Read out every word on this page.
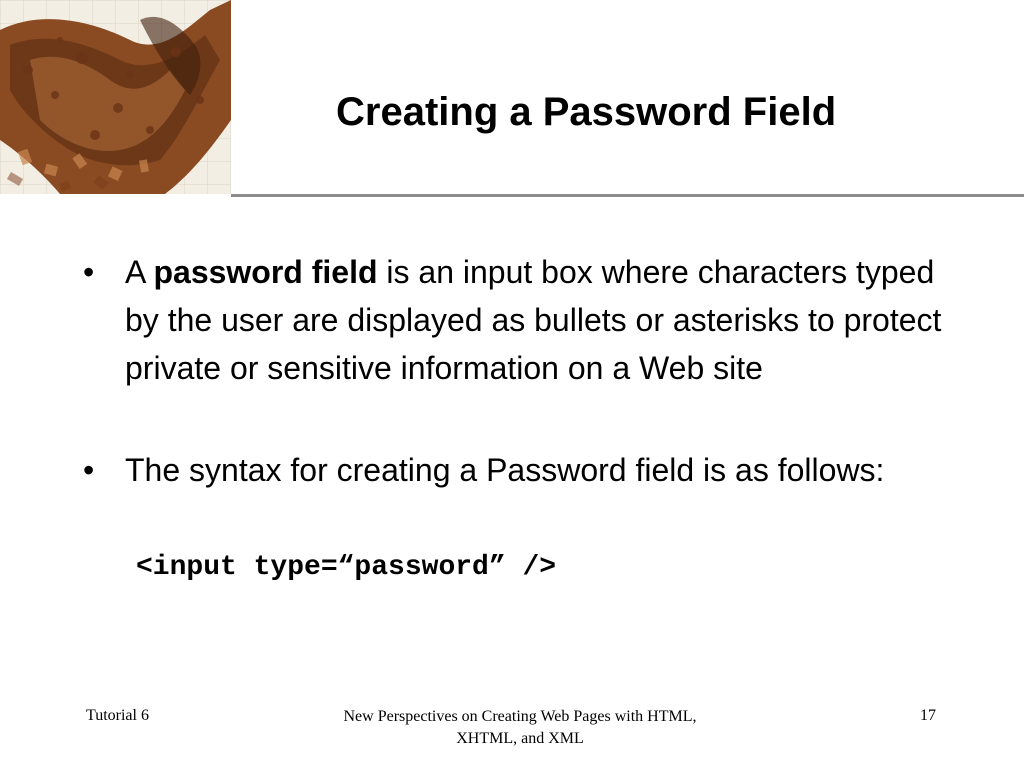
Creating a Password Field

• A password field is an input box where characters typed by the user are displayed as bullets or asterisks to protect private or sensitive information on a Web site

• The syntax for creating a Password field is as follows:

<input type=“password” />

Tutorial 6	New Perspectives on Creating Web Pages with HTML,
XHTML, and XML
17
